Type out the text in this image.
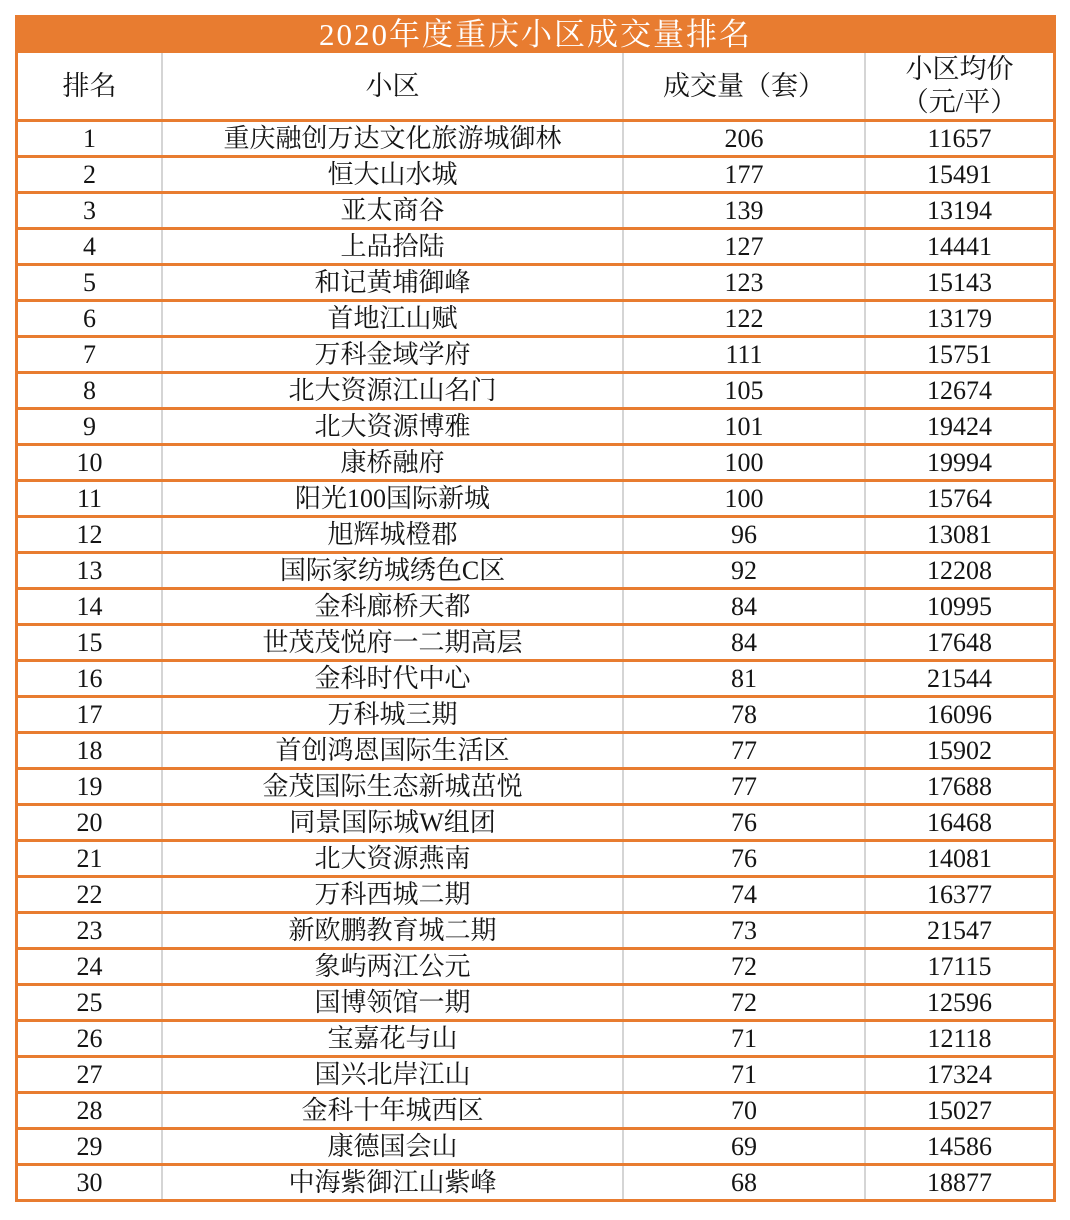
2020年度重庆小区成交量排名
排名	小区	成交量（套）	小区均价（元/平）
1	重庆融创万达文化旅游城御林	206	11657
2	恒大山水城	177	15491
3	亚太商谷	139	13194
4	上品拾陆	127	14441
5	和记黄埔御峰	123	15143
6	首地江山赋	122	13179
7	万科金域学府	111	15751
8	北大资源江山名门	105	12674
9	北大资源博雅	101	19424
10	康桥融府	100	19994
11	阳光100国际新城	100	15764
12	旭辉城橙郡	96	13081
13	国际家纺城绣色C区	92	12208
14	金科廊桥天都	84	10995
15	世茂茂悦府一二期高层	84	17648
16	金科时代中心	81	21544
17	万科城三期	78	16096
18	首创鸿恩国际生活区	77	15902
19	金茂国际生态新城茁悦	77	17688
20	同景国际城W组团	76	16468
21	北大资源燕南	76	14081
22	万科西城二期	74	16377
23	新欧鹏教育城二期	73	21547
24	象屿两江公元	72	17115
25	国博领馆一期	72	12596
26	宝嘉花与山	71	12118
27	国兴北岸江山	71	17324
28	金科十年城西区	70	15027
29	康德国会山	69	14586
30	中海紫御江山紫峰	68	18877
